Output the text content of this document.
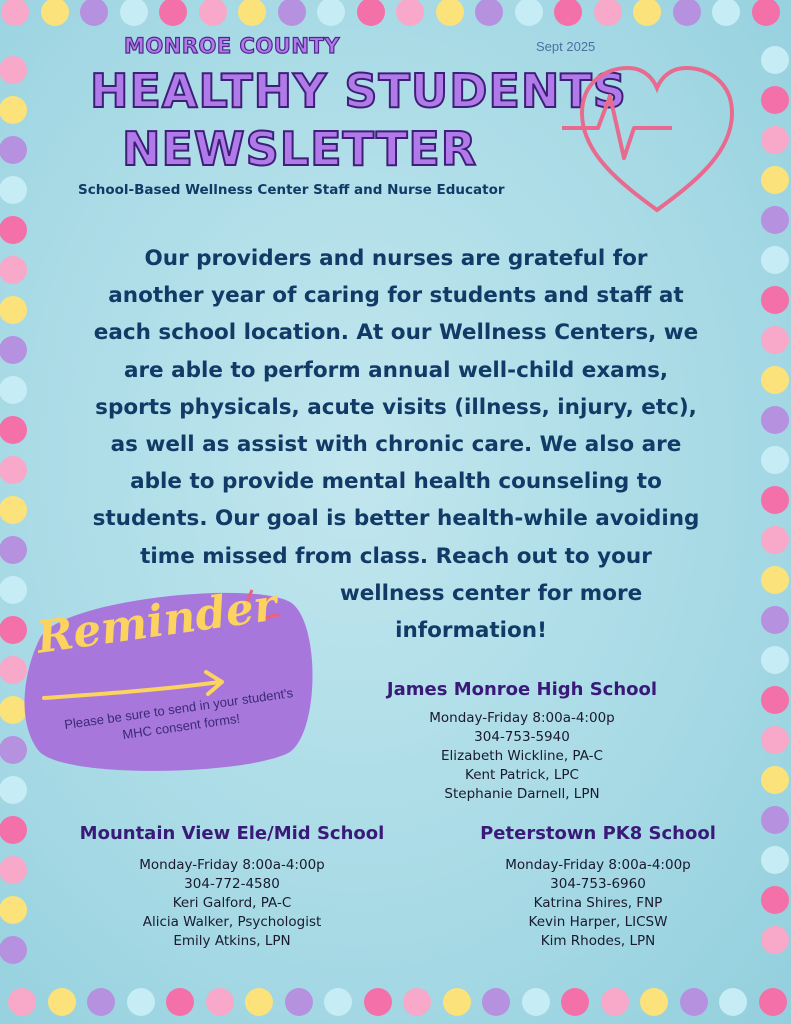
MONROE COUNTY	Sept 2025
HEALTHY STUDENTS
NEWSLETTER
School-Based Wellness Center Staff and Nurse Educator
Our providers and nurses are grateful for
another year of caring for students and staff at
each school location. At our Wellness Centers, we
are able to perform annual well-child exams,
sports physicals, acute visits (illness, injury, etc),
as well as assist with chronic care. We also are
able to provide mental health counseling to
students. Our goal is better health-while avoiding
time missed from class. Reach out to your
wellness center for more
information!
Reminder
Please be sure to send in your student's MHC consent forms!
James Monroe High School
Monday-Friday 8:00a-4:00p
304-753-5940
Elizabeth Wickline, PA-C
Kent Patrick, LPC
Stephanie Darnell, LPN
Mountain View Ele/Mid School
Monday-Friday 8:00a-4:00p
304-772-4580
Keri Galford, PA-C
Alicia Walker, Psychologist
Emily Atkins, LPN
Peterstown PK8 School
Monday-Friday 8:00a-4:00p
304-753-6960
Katrina Shires, FNP
Kevin Harper, LICSW
Kim Rhodes, LPN
